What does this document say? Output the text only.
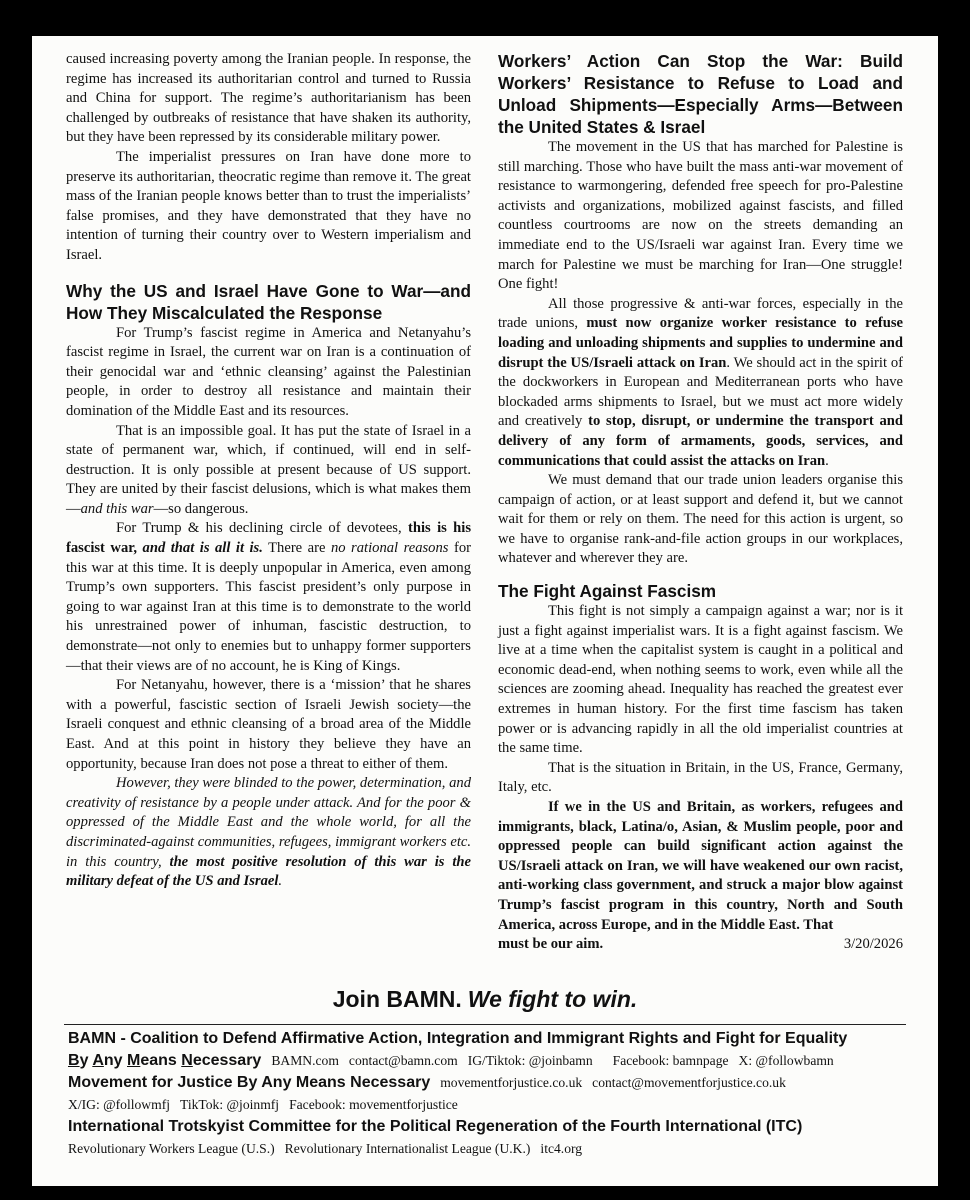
caused increasing poverty among the Iranian people. In response, the regime has increased its authoritarian control and turned to Russia and China for support. The regime’s authoritarianism has been challenged by outbreaks of resistance that have shaken its authority, but they have been repressed by its considerable military power.

The imperialist pressures on Iran have done more to preserve its authoritarian, theocratic regime than remove it. The great mass of the Iranian people knows better than to trust the imperialists’ false promises, and they have demonstrated that they have no intention of turning their country over to Western imperialism and Israel.

Why the US and Israel Have Gone to War—and How They Miscalculated the Response

For Trump’s fascist regime in America and Netanyahu’s fascist regime in Israel, the current war on Iran is a continuation of their genocidal war and ‘ethnic cleansing’ against the Palestinian people, in order to destroy all resistance and maintain their domination of the Middle East and its resources.

That is an impossible goal. It has put the state of Israel in a state of permanent war, which, if continued, will end in self-destruction. It is only possible at present because of US support. They are united by their fascist delusions, which is what makes them—and this war—so dangerous.

For Trump & his declining circle of devotees, this is his fascist war, and that is all it is. There are no rational reasons for this war at this time. It is deeply unpopular in America, even among Trump’s own supporters. This fascist president’s only purpose in going to war against Iran at this time is to demonstrate to the world his unrestrained power of inhuman, fascistic destruction, to demonstrate—not only to enemies but to unhappy former supporters—that their views are of no account, he is King of Kings.

For Netanyahu, however, there is a ‘mission’ that he shares with a powerful, fascistic section of Israeli Jewish society—the Israeli conquest and ethnic cleansing of a broad area of the Middle East. And at this point in history they believe they have an opportunity, because Iran does not pose a threat to either of them.

However, they were blinded to the power, determination, and creativity of resistance by a people under attack. And for the poor & oppressed of the Middle East and the whole world, for all the discriminated-against communities, refugees, immigrant workers etc. in this country, the most positive resolution of this war is the military defeat of the US and Israel.

Workers’ Action Can Stop the War: Build Workers’ Resistance to Refuse to Load and Unload Shipments—Especially Arms—Between the United States & Israel

The movement in the US that has marched for Palestine is still marching. Those who have built the mass anti-war movement of resistance to warmongering, defended free speech for pro-Palestine activists and organizations, mobilized against fascists, and filled countless courtrooms are now on the streets demanding an immediate end to the US/Israeli war against Iran. Every time we march for Palestine we must be marching for Iran—One struggle! One fight!

All those progressive & anti-war forces, especially in the trade unions, must now organize worker resistance to refuse loading and unloading shipments and supplies to undermine and disrupt the US/Israeli attack on Iran. We should act in the spirit of the dockworkers in European and Mediterranean ports who have blockaded arms shipments to Israel, but we must act more widely and creatively to stop, disrupt, or undermine the transport and delivery of any form of armaments, goods, services, and communications that could assist the attacks on Iran.

We must demand that our trade union leaders organise this campaign of action, or at least support and defend it, but we cannot wait for them or rely on them. The need for this action is urgent, so we have to organise rank-and-file action groups in our workplaces, whatever and wherever they are.

The Fight Against Fascism

This fight is not simply a campaign against a war; nor is it just a fight against imperialist wars. It is a fight against fascism. We live at a time when the capitalist system is caught in a political and economic dead-end, when nothing seems to work, even while all the sciences are zooming ahead. Inequality has reached the greatest ever extremes in human history. For the first time fascism has taken power or is advancing rapidly in all the old imperialist countries at the same time.

That is the situation in Britain, in the US, France, Germany, Italy, etc.

If we in the US and Britain, as workers, refugees and immigrants, black, Latina/o, Asian, & Muslim people, poor and oppressed people can build significant action against the US/Israeli attack on Iran, we will have weakened our own racist, anti-working class government, and struck a major blow against Trump’s fascist program in this country, North and South America, across Europe, and in the Middle East. That

must be our aim.	3/20/2026
Join BAMN. We fight to win.
BAMN - Coalition to Defend Affirmative Action, Integration and Immigrant Rights and Fight for Equality
By Any Means Necessary BAMN.com contact@bamn.com IG/Tiktok: @joinbamn Facebook: bamnpage X: @followbamn
Movement for Justice By Any Means Necessary movementforjustice.co.uk contact@movementforjustice.co.uk
X/IG: @followmfj TikTok: @joinmfj Facebook: movementforjustice
International Trotskyist Committee for the Political Regeneration of the Fourth International (ITC)
Revolutionary Workers League (U.S.) Revolutionary Internationalist League (U.K.) itc4.org
